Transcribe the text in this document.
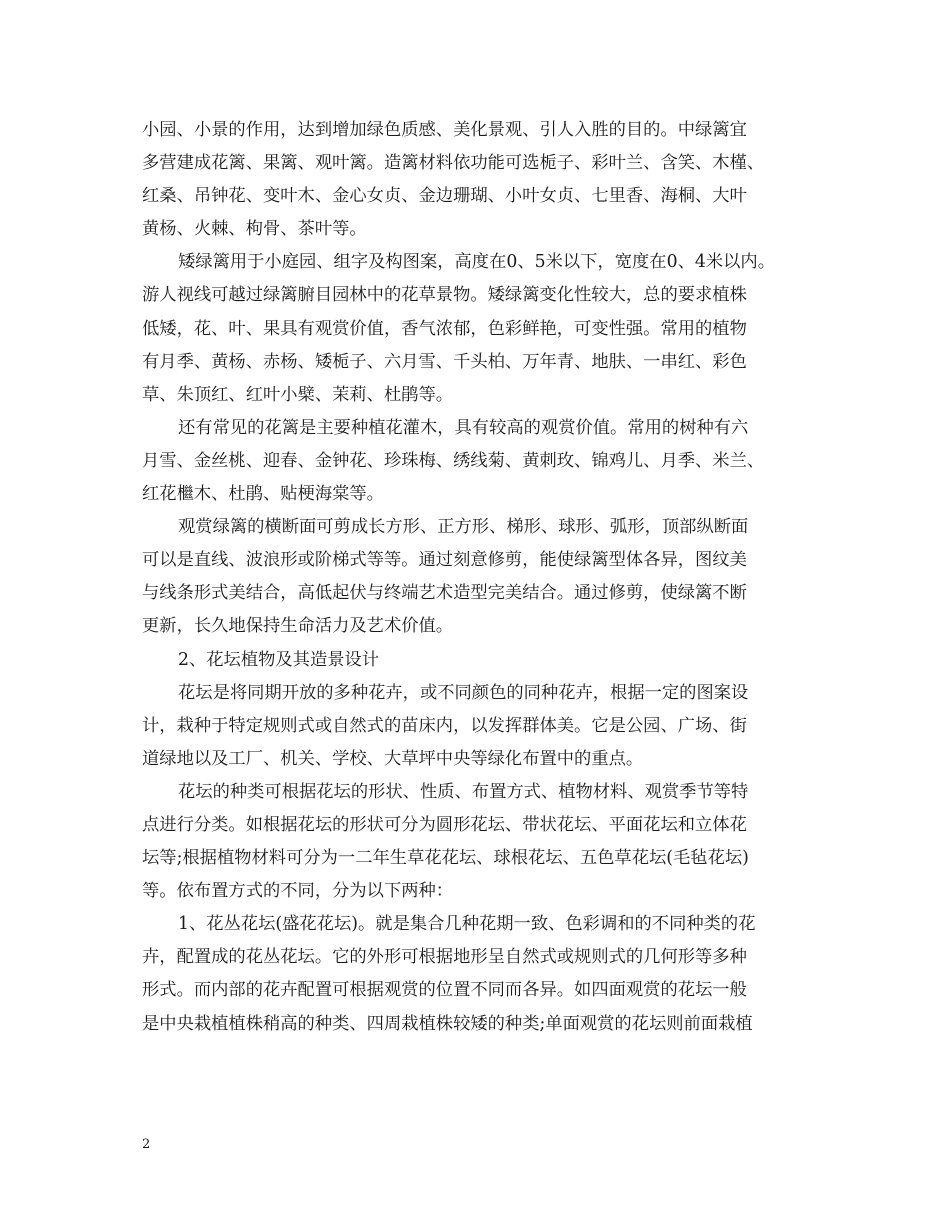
小园、小景的作用，达到增加绿色质感、美化景观、引人入胜的目的。中绿篱宜
多营建成花篱、果篱、观叶篱。造篱材料依功能可选栀子、彩叶兰、含笑、木槿、
红桑、吊钟花、变叶木、金心女贞、金边珊瑚、小叶女贞、七里香、海桐、大叶
黄杨、火棘、枸骨、茶叶等。
矮绿篱用于小庭园、组字及构图案，高度在0、5米以下，宽度在0、4米以内。
游人视线可越过绿篱腑目园林中的花草景物。矮绿篱变化性较大，总的要求植株
低矮，花、叶、果具有观赏价值，香气浓郁，色彩鲜艳，可变性强。常用的植物
有月季、黄杨、赤杨、矮栀子、六月雪、千头柏、万年青、地肤、一串红、彩色
草、朱顶红、红叶小檗、茉莉、杜鹃等。
还有常见的花篱是主要种植花灌木，具有较高的观赏价值。常用的树种有六
月雪、金丝桃、迎春、金钟花、珍珠梅、绣线菊、黄刺玫、锦鸡儿、月季、米兰、
红花檵木、杜鹃、贴梗海棠等。
观赏绿篱的横断面可剪成长方形、正方形、梯形、球形、弧形，顶部纵断面
可以是直线、波浪形或阶梯式等等。通过刻意修剪，能使绿篱型体各异，图纹美
与线条形式美结合，高低起伏与终端艺术造型完美结合。通过修剪，使绿篱不断
更新，长久地保持生命活力及艺术价值。
2、花坛植物及其造景设计
花坛是将同期开放的多种花卉，或不同颜色的同种花卉，根据一定的图案设
计，栽种于特定规则式或自然式的苗床内，以发挥群体美。它是公园、广场、街
道绿地以及工厂、机关、学校、大草坪中央等绿化布置中的重点。
花坛的种类可根据花坛的形状、性质、布置方式、植物材料、观赏季节等特
点进行分类。如根据花坛的形状可分为圆形花坛、带状花坛、平面花坛和立体花
坛等;根据植物材料可分为一二年生草花花坛、球根花坛、五色草花坛(毛毡花坛)
等。依布置方式的不同，分为以下两种：
1、花丛花坛(盛花花坛)。就是集合几种花期一致、色彩调和的不同种类的花
卉，配置成的花丛花坛。它的外形可根据地形呈自然式或规则式的几何形等多种
形式。而内部的花卉配置可根据观赏的位置不同而各异。如四面观赏的花坛一般
是中央栽植植株稍高的种类、四周栽植株较矮的种类;单面观赏的花坛则前面栽植
2
